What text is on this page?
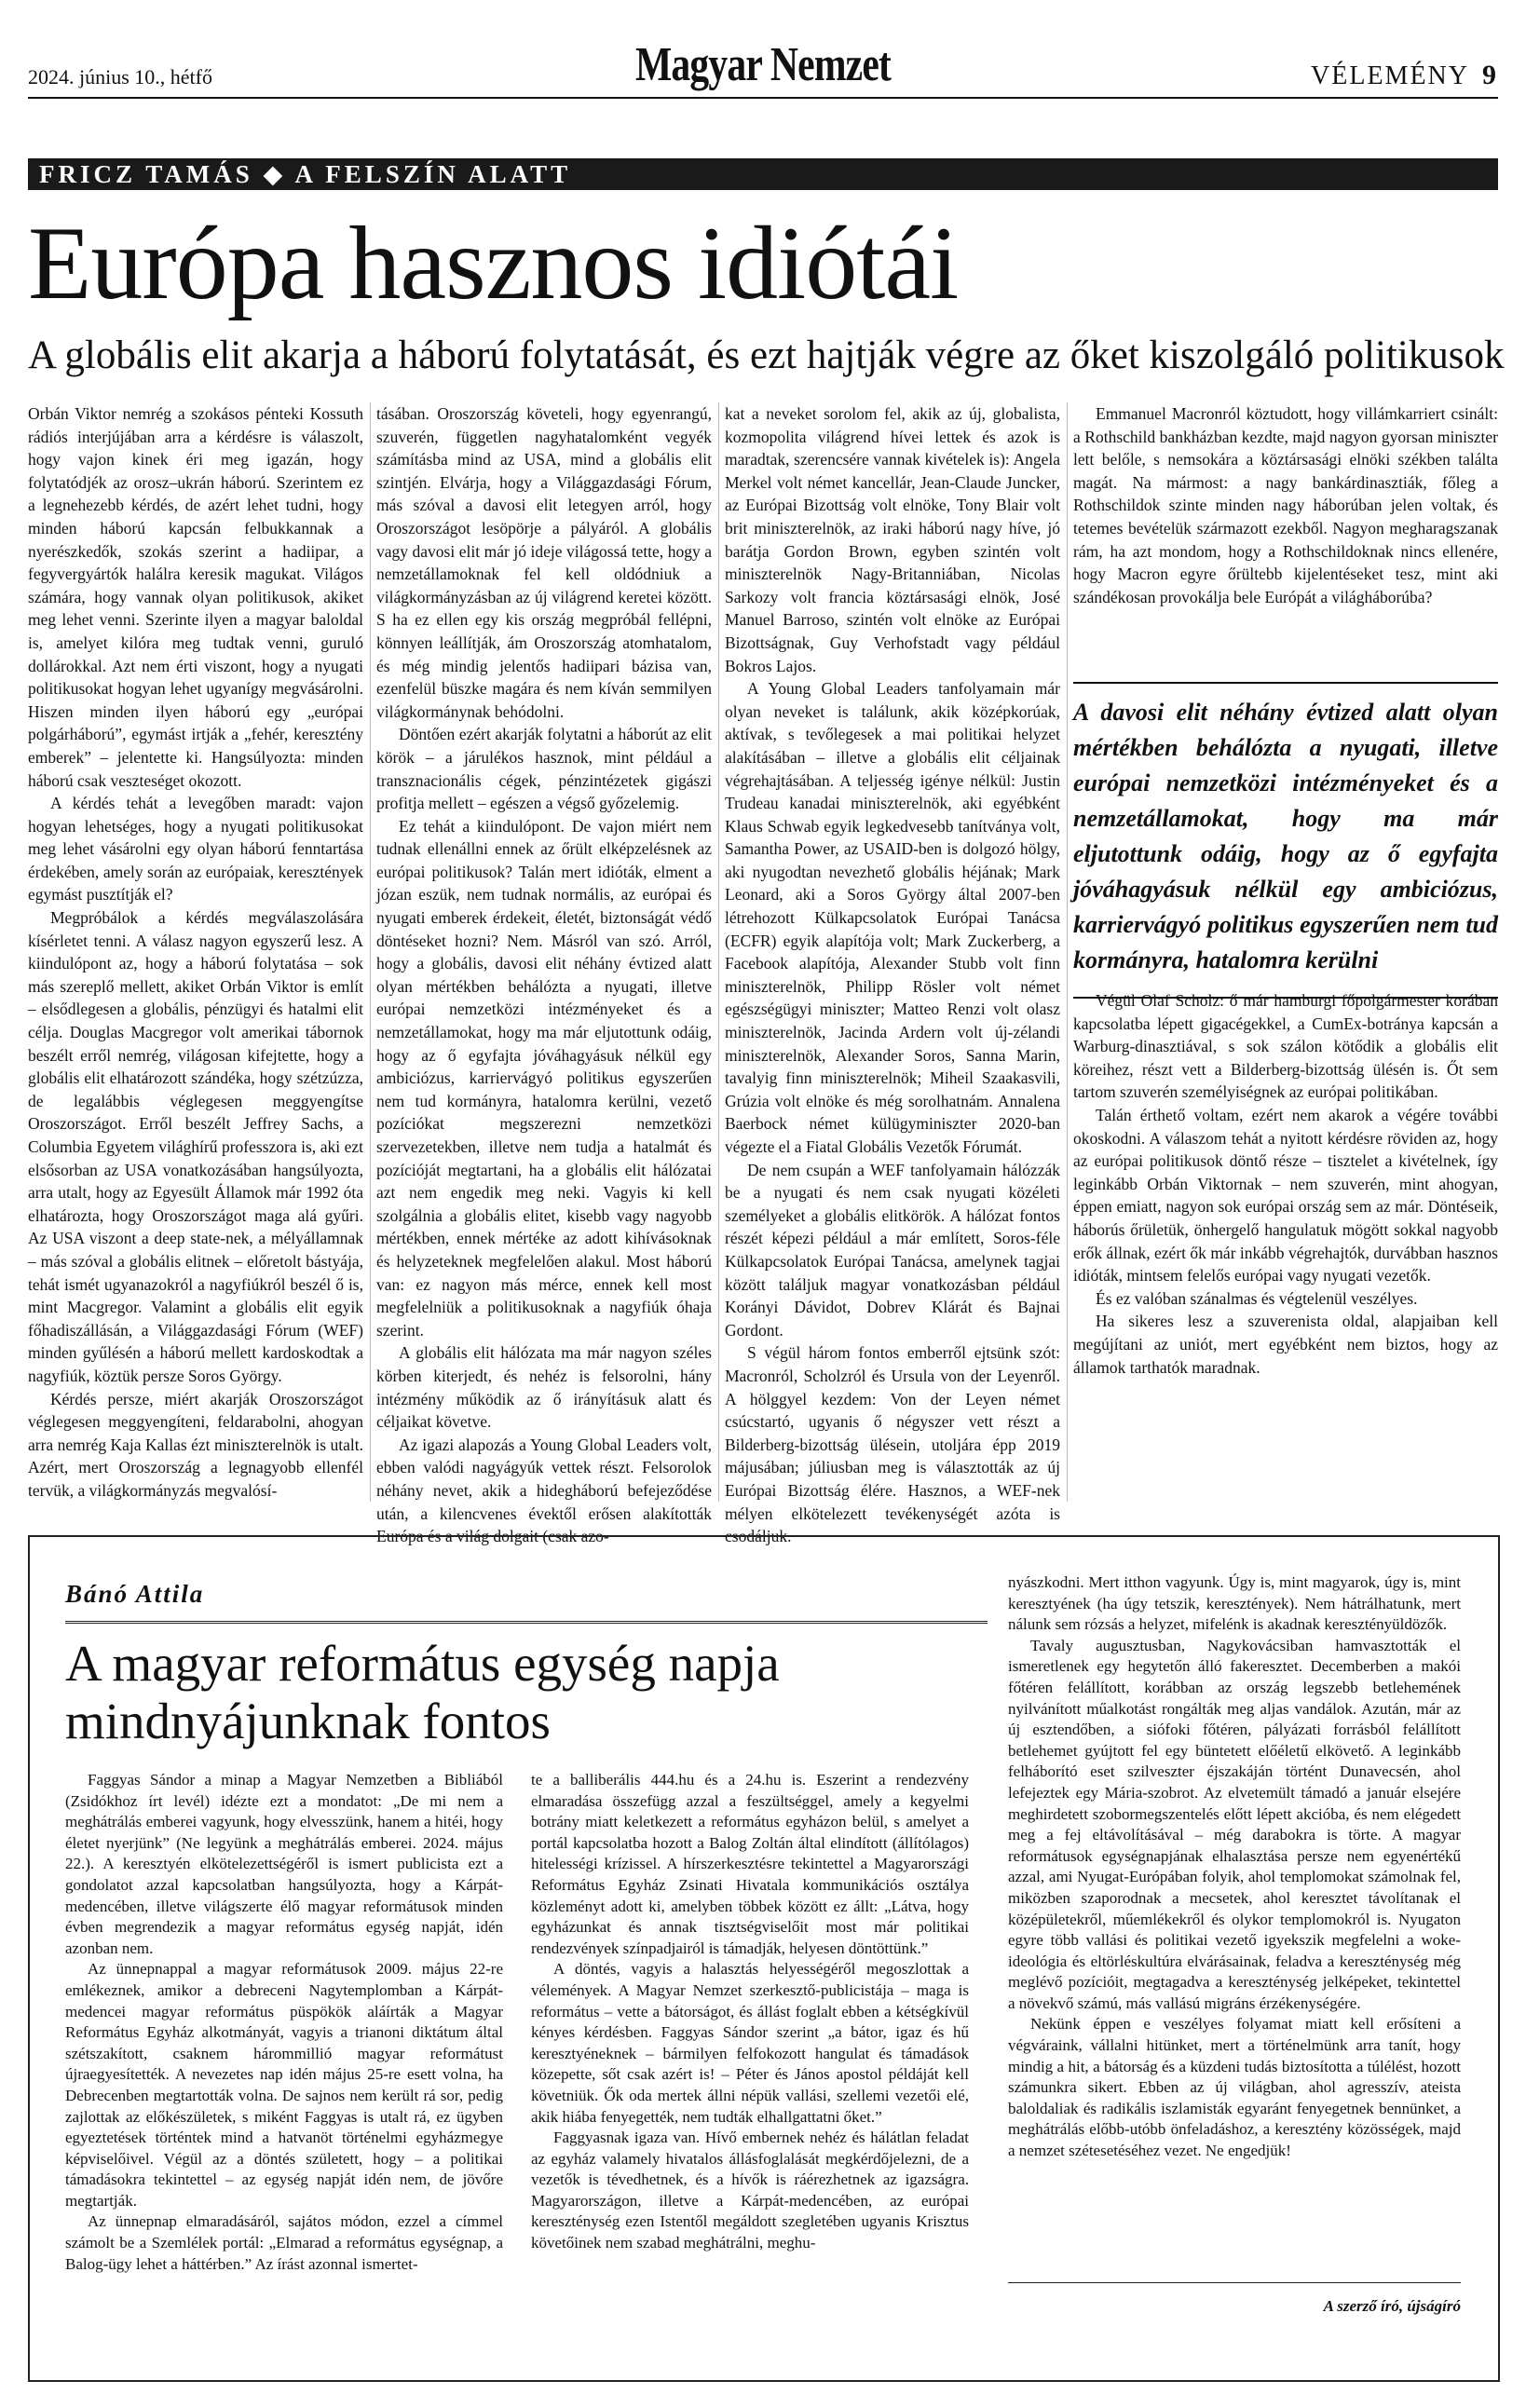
2024. június 10., hétfő	Magyar Nemzet	VÉLEMÉNY 9
FRICZ TAMÁS ◆ A FELSZÍN ALATT
Európa hasznos idiótái
A globális elit akarja a háború folytatását, és ezt hajtják végre az őket kiszolgáló politikusok

Orbán Viktor nemrég a szokásos pénteki Kossuth rádiós interjújában arra a kérdésre is válaszolt, hogy vajon kinek éri meg igazán, hogy folytatódjék az orosz–ukrán háború. Szerintem ez a legnehezebb kérdés, de azért lehet tudni, hogy minden háború kapcsán felbukkannak a nyerészkedők, szokás szerint a hadiipar, a fegyvergyártók halálra keresik magukat. Világos számára, hogy vannak olyan politikusok, akiket meg lehet venni. Szerinte ilyen a magyar baloldal is, amelyet kilóra meg tudtak venni, guruló dollárokkal. Azt nem érti viszont, hogy a nyugati politikusokat hogyan lehet ugyanígy megvásárolni. Hiszen minden ilyen háború egy „európai polgárháború”, egymást irtják a „fehér, keresztény emberek” – jelentette ki. Hangsúlyozta: minden háború csak veszteséget okozott.

A kérdés tehát a levegőben maradt: vajon hogyan lehetséges, hogy a nyugati politikusokat meg lehet vásárolni egy olyan háború fenntartása érdekében, amely során az európaiak, keresztények egymást pusztítják el?

Megpróbálok a kérdés megválaszolására kísérletet tenni. A válasz nagyon egyszerű lesz. A kiindulópont az, hogy a háború folytatása – sok más szereplő mellett, akiket Orbán Viktor is említ – elsődlegesen a globális, pénzügyi és hatalmi elit célja. Douglas Macgregor volt amerikai tábornok beszélt erről nemrég, világosan kifejtette, hogy a globális elit elhatározott szándéka, hogy szétzúzza, de legalábbis véglegesen meggyengítse Oroszországot. Erről beszélt Jeffrey Sachs, a Columbia Egyetem világhírű professzora is, aki ezt elsősorban az USA vonatkozásában hangsúlyozta, arra utalt, hogy az Egyesült Államok már 1992 óta elhatározta, hogy Oroszországot maga alá gyűri. Az USA viszont a deep state-nek, a mélyállamnak – más szóval a globális elitnek – előretolt bástyája, tehát ismét ugyanazokról a nagyfiúkról beszél ő is, mint Macgregor. Valamint a globális elit egyik főhadiszállásán, a Világgazdasági Fórum (WEF) minden gyűlésén a háború mellett kardoskodtak a nagyfiúk, köztük persze Soros György.

Kérdés persze, miért akarják Oroszországot véglegesen meggyengíteni, feldarabolni, ahogyan arra nemrég Kaja Kallas ézt miniszterelnök is utalt. Azért, mert Oroszország a legnagyobb ellenfél tervük, a világkormányzás megvalósí-

tásában. Oroszország követeli, hogy egyenrangú, szuverén, független nagyhatalomként vegyék számításba mind az USA, mind a globális elit szintjén. Elvárja, hogy a Világgazdasági Fórum, más szóval a davosi elit letegyen arról, hogy Oroszországot lesöpörje a pályáról. A globális vagy davosi elit már jó ideje világossá tette, hogy a nemzetállamoknak fel kell oldódniuk a világkormányzásban az új világrend keretei között. S ha ez ellen egy kis ország megpróbál fellépni, könnyen leállítják, ám Oroszország atomhatalom, és még mindig jelentős hadiipari bázisa van, ezenfelül büszke magára és nem kíván semmilyen világkormánynak behódolni.

Döntően ezért akarják folytatni a háborút az elit körök – a járulékos hasznok, mint például a transznacionális cégek, pénzintézetek gigászi profitja mellett – egészen a végső győzelemig.

Ez tehát a kiindulópont. De vajon miért nem tudnak ellenállni ennek az őrült elképzelésnek az európai politikusok? Talán mert idióták, elment a józan eszük, nem tudnak normális, az európai és nyugati emberek érdekeit, életét, biztonságát védő döntéseket hozni? Nem. Másról van szó. Arról, hogy a globális, davosi elit néhány évtized alatt olyan mértékben behálózta a nyugati, illetve európai nemzetközi intézményeket és a nemzetállamokat, hogy ma már eljutottunk odáig, hogy az ő egyfajta jóváhagyásuk nélkül egy ambiciózus, karriervágyó politikus egyszerűen nem tud kormányra, hatalomra kerülni, vezető pozíciókat megszerezni nemzetközi szervezetekben, illetve nem tudja a hatalmát és pozícióját megtartani, ha a globális elit hálózatai azt nem engedik meg neki. Vagyis ki kell szolgálnia a globális elitet, kisebb vagy nagyobb mértékben, ennek mértéke az adott kihívásoknak és helyzeteknek megfelelően alakul. Most háború van: ez nagyon más mérce, ennek kell most megfelelniük a politikusoknak a nagyfiúk óhaja szerint.

A globális elit hálózata ma már nagyon széles körben kiterjedt, és nehéz is felsorolni, hány intézmény működik az ő irányításuk alatt és céljaikat követve.

Az igazi alapozás a Young Global Leaders volt, ebben valódi nagyágyúk vettek részt. Felsorolok néhány nevet, akik a hidegháború befejeződése után, a kilencvenes évektől erősen alakították Európa és a világ dolgait (csak azo-

kat a neveket sorolom fel, akik az új, globalista, kozmopolita világrend hívei lettek és azok is maradtak, szerencsére vannak kivételek is): Angela Merkel volt német kancellár, Jean-Claude Juncker, az Európai Bizottság volt elnöke, Tony Blair volt brit miniszterelnök, az iraki háború nagy híve, jó barátja Gordon Brown, egyben szintén volt miniszterelnök Nagy-Britanniában, Nicolas Sarkozy volt francia köztársasági elnök, José Manuel Barroso, szintén volt elnöke az Európai Bizottságnak, Guy Verhofstadt vagy például Bokros Lajos.

A Young Global Leaders tanfolyamain már olyan neveket is találunk, akik középkorúak, aktívak, s tevőlegesek a mai politikai helyzet alakításában – illetve a globális elit céljainak végrehajtásában. A teljesség igénye nélkül: Justin Trudeau kanadai miniszterelnök, aki egyébként Klaus Schwab egyik legkedvesebb tanítványa volt, Samantha Power, az USAID-ben is dolgozó hölgy, aki nyugodtan nevezhető globális héjának; Mark Leonard, aki a Soros György által 2007-ben létrehozott Külkapcsolatok Európai Tanácsa (ECFR) egyik alapítója volt; Mark Zuckerberg, a Facebook alapítója, Alexander Stubb volt finn miniszterelnök, Philipp Rösler volt német egészségügyi miniszter; Matteo Renzi volt olasz miniszterelnök, Jacinda Ardern volt új-zélandi miniszterelnök, Alexander Soros, Sanna Marin, tavalyig finn miniszterelnök; Miheil Szaakasvili, Grúzia volt elnöke és még sorolhatnám. Annalena Baerbock német külügyminiszter 2020-ban végezte el a Fiatal Globális Vezetők Fórumát.

De nem csupán a WEF tanfolyamain hálózzák be a nyugati és nem csak nyugati közéleti személyeket a globális elitkörök. A hálózat fontos részét képezi például a már említett, Soros-féle Külkapcsolatok Európai Tanácsa, amelynek tagjai között találjuk magyar vonatkozásban például Korányi Dávidot, Dobrev Klárát és Bajnai Gordont.

S végül három fontos emberről ejtsünk szót: Macronról, Scholzról és Ursula von der Leyenről. A hölggyel kezdem: Von der Leyen német csúcstartó, ugyanis ő négyszer vett részt a Bilderberg-bizottság ülésein, utoljára épp 2019 májusában; júliusban meg is választották az új Európai Bizottság élére. Hasznos, a WEF-nek mélyen elkötelezett tevékenységét azóta is csodáljuk.

Emmanuel Macronról köztudott, hogy villámkarriert csinált: a Rothschild bankházban kezdte, majd nagyon gyorsan miniszter lett belőle, s nemsokára a köztársasági elnöki székben találta magát. Na mármost: a nagy bankárdinasztiák, főleg a Rothschildok szinte minden nagy háborúban jelen voltak, és tetemes bevételük származott ezekből. Nagyon megharagszanak rám, ha azt mondom, hogy a Rothschildoknak nincs ellenére, hogy Macron egyre őrültebb kijelentéseket tesz, mint aki szándékosan provokálja bele Európát a világháborúba?

A davosi elit néhány évtized alatt olyan mértékben behálózta a nyugati, illetve európai nemzetközi intézményeket és a nemzetállamokat, hogy ma már eljutottunk odáig, hogy az ő egyfajta jóváhagyásuk nélkül egy ambiciózus, karriervágyó politikus egyszerűen nem tud kormányra, hatalomra kerülni

Végül Olaf Scholz: ő már hamburgi főpolgármester korában kapcsolatba lépett gigacégekkel, a CumEx-botránya kapcsán a Warburg-dinasztiával, s sok szálon kötődik a globális elit köreihez, részt vett a Bilderberg-bizottság ülésén is. Őt sem tartom szuverén személyiségnek az európai politikában.

Talán érthető voltam, ezért nem akarok a végére további okoskodni. A válaszom tehát a nyitott kérdésre röviden az, hogy az európai politikusok döntő része – tisztelet a kivételnek, így leginkább Orbán Viktornak – nem szuverén, mint ahogyan, éppen emiatt, nagyon sok európai ország sem az már. Döntéseik, háborús őrületük, önhergelő hangulatuk mögött sokkal nagyobb erők állnak, ezért ők már inkább végrehajtók, durvábban hasznos idióták, mintsem felelős európai vagy nyugati vezetők.

És ez valóban szánalmas és végtelenül veszélyes.

Ha sikeres lesz a szuverenista oldal, alapjaiban kell megújítani az uniót, mert egyébként nem biztos, hogy az államok tarthatók maradnak.

Bánó Attila
A magyar református egység napja mindnyájunknak fontos

Faggyas Sándor a minap a Magyar Nemzetben a Bibliából (Zsidókhoz írt levél) idézte ezt a mondatot: „De mi nem a meghátrálás emberei vagyunk, hogy elvesszünk, hanem a hitéi, hogy életet nyerjünk” (Ne legyünk a meghátrálás emberei. 2024. május 22.). A keresztyén elkötelezettségéről is ismert publicista ezt a gondolatot azzal kapcsolatban hangsúlyozta, hogy a Kárpát-medencében, illetve világszerte élő magyar reformátusok minden évben megrendezik a magyar református egység napját, idén azonban nem.

Az ünnepnappal a magyar reformátusok 2009. május 22-re emlékeznek, amikor a debreceni Nagytemplomban a Kárpát-medencei magyar református püspökök aláírták a Magyar Református Egyház alkotmányát, vagyis a trianoni diktátum által szétszakított, csaknem hárommillió magyar reformátust újraegyesítették. A nevezetes nap idén május 25-re esett volna, ha Debrecenben megtartották volna. De sajnos nem került rá sor, pedig zajlottak az előkészületek, s miként Faggyas is utalt rá, ez ügyben egyeztetések történtek mind a hatvanöt történelmi egyházmegye képviselőivel. Végül az a döntés született, hogy – a politikai támadásokra tekintettel – az egység napját idén nem, de jövőre megtartják.

Az ünnepnap elmaradásáról, sajátos módon, ezzel a címmel számolt be a Szemlélek portál: „Elmarad a református egységnap, a Balog-ügy lehet a háttérben.” Az írást azonnal ismertet-

te a balliberális 444.hu és a 24.hu is. Eszerint a rendezvény elmaradása összefügg azzal a feszültséggel, amely a kegyelmi botrány miatt keletkezett a református egyházon belül, s amelyet a portál kapcsolatba hozott a Balog Zoltán által elindított (állítólagos) hitelességi krízissel. A hírszerkesztésre tekintettel a Magyarországi Református Egyház Zsinati Hivatala kommunikációs osztálya közleményt adott ki, amelyben többek között ez állt: „Látva, hogy egyházunkat és annak tisztségviselőit most már politikai rendezvények színpadjairól is támadják, helyesen döntöttünk.”

A döntés, vagyis a halasztás helyességéről megoszlottak a vélemények. A Magyar Nemzet szerkesztő-publicistája – maga is református – vette a bátorságot, és állást foglalt ebben a kétségkívül kényes kérdésben. Faggyas Sándor szerint „a bátor, igaz és hű keresztyéneknek – bármilyen felfokozott hangulat és támadások közepette, sőt csak azért is! – Péter és János apostol példáját kell követniük. Ők oda mertek állni népük vallási, szellemi vezetői elé, akik hiába fenyegették, nem tudták elhallgattatni őket.”

Faggyasnak igaza van. Hívő embernek nehéz és hálátlan feladat az egyház valamely hivatalos állásfoglalását megkérdőjelezni, de a vezetők is tévedhetnek, és a hívők is ráérezhetnek az igazságra. Magyarországon, illetve a Kárpát-medencében, az európai kereszténység ezen Istentől megáldott szegletében ugyanis Krisztus követőinek nem szabad meghátrálni, meghu-

nyászkodni. Mert itthon vagyunk. Úgy is, mint magyarok, úgy is, mint keresztyének (ha úgy tetszik, keresztények). Nem hátrálhatunk, mert nálunk sem rózsás a helyzet, mifelénk is akadnak keresztényüldözők.

Tavaly augusztusban, Nagykovácsiban hamvasztották el ismeretlenek egy hegytetőn álló fakeresztet. Decemberben a makói főtéren felállított, korábban az ország legszebb betlehemének nyilvánított műalkotást rongálták meg aljas vandálok. Azután, már az új esztendőben, a siófoki főtéren, pályázati forrásból felállított betlehemet gyújtott fel egy büntetett előéletű elkövető. A leginkább felháborító eset szilveszter éjszakáján történt Dunavecsén, ahol lefejeztek egy Mária-szobrot. Az elvetemült támadó a január elsejére meghirdetett szobormegszentelés előtt lépett akcióba, és nem elégedett meg a fej eltávolításával – még darabokra is törte. A magyar reformátusok egységnapjának elhalasztása persze nem egyenértékű azzal, ami Nyugat-Európában folyik, ahol templomokat számolnak fel, miközben szaporodnak a mecsetek, ahol keresztet távolítanak el középületekről, műemlékekről és olykor templomokról is. Nyugaton egyre több vallási és politikai vezető igyekszik megfelelni a woke-ideológia és eltörléskultúra elvárásainak, feladva a kereszténység még meglévő pozícióit, megtagadva a kereszténység jelképeket, tekintettel a növekvő számú, más vallású migráns érzékenységére.

Nekünk éppen e veszélyes folyamat miatt kell erősíteni a végváraink, vállalni hitünket, mert a történelmünk arra tanít, hogy mindig a hit, a bátorság és a küzdeni tudás biztosította a túlélést, hozott számunkra sikert. Ebben az új világban, ahol agresszív, ateista baloldaliak és radikális iszlamisták egyaránt fenyegetnek bennünket, a meghátrálás előbb-utóbb önfeladáshoz, a keresztény közösségek, majd a nemzet szétesetéséhez vezet. Ne engedjük!

A szerző író, újságíró
